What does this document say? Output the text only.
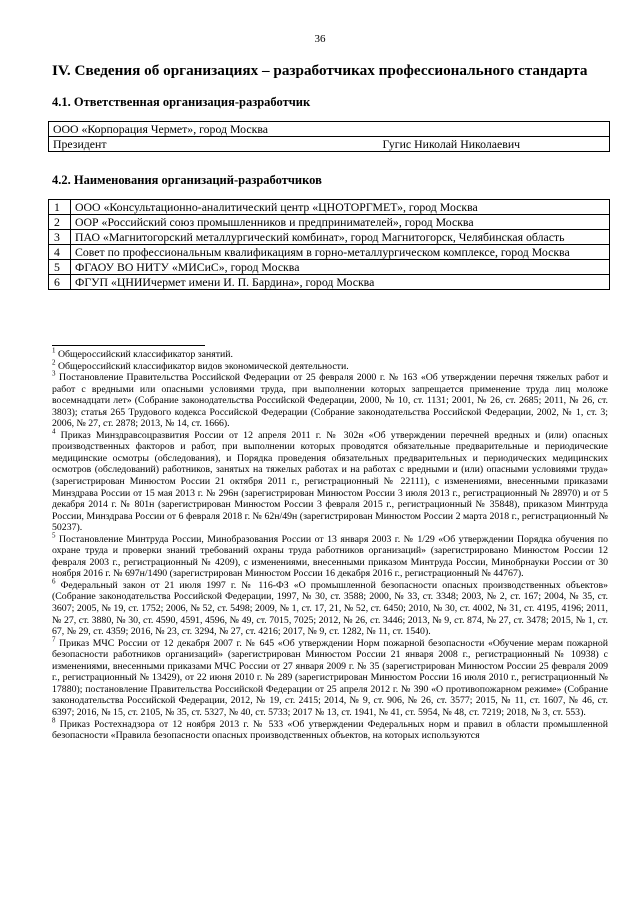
36
IV. Сведения об организациях – разработчиках профессионального стандарта
4.1. Ответственная организация-разработчик
ООО «Корпорация Чермет», город Москва
Президент	Гугис Николай Николаевич
4.2. Наименования организаций-разработчиков
1	ООО «Консультационно-аналитический центр «ЦНОТОРГМЕТ», город Москва
2	ООР «Российский союз промышленников и предпринимателей», город Москва
3	ПАО «Магнитогорский металлургический комбинат», город Магнитогорск, Челябинская область
4	Совет по профессиональным квалификациям в горно-металлургическом комплексе, город Москва
5	ФГАОУ ВО НИТУ «МИСиС», город Москва
6	ФГУП «ЦНИИчермет имени И. П. Бардина», город Москва

$^1$ Общероссийский классификатор занятий.

$^2$ Общероссийский классификатор видов экономической деятельности.

$^3$ Постановление Правительства Российской Федерации от 25 февраля 2000 г. № 163 «Об утверждении перечня тяжелых работ и работ с вредными или опасными условиями труда, при выполнении которых запрещается применение труда лиц моложе восемнадцати лет» (Собрание законодательства Российской Федерации, 2000, № 10, ст. 1131; 2001, № 26, ст. 2685; 2011, № 26, ст. 3803); статья 265 Трудового кодекса Российской Федерации (Собрание законодательства Российской Федерации, 2002, № 1, ст. 3; 2006, № 27, ст. 2878; 2013, № 14, ст. 1666).

$^4$ Приказ Минздравсоцразвития России от 12 апреля 2011 г. № 302н «Об утверждении перечней вредных и (или) опасных производственных факторов и работ, при выполнении которых проводятся обязательные предварительные и периодические медицинские осмотры (обследования), и Порядка проведения обязательных предварительных и периодических медицинских осмотров (обследований) работников, занятых на тяжелых работах и на работах с вредными и (или) опасными условиями труда» (зарегистрирован Минюстом России 21 октября 2011 г., регистрационный № 22111), с изменениями, внесенными приказами Минздрава России от 15 мая 2013 г. № 296н (зарегистрирован Минюстом России 3 июля 2013 г., регистрационный № 28970) и от 5 декабря 2014 г. № 801н (зарегистрирован Минюстом России 3 февраля 2015 г., регистрационный № 35848), приказом Минтруда России, Минздрава России от 6 февраля 2018 г. № 62н/49н (зарегистрирован Минюстом России 2 марта 2018 г., регистрационный № 50237).

$^5$ Постановление Минтруда России, Минобразования России от 13 января 2003 г. № 1/29 «Об утверждении Порядка обучения по охране труда и проверки знаний требований охраны труда работников организаций» (зарегистрировано Минюстом России 12 февраля 2003 г., регистрационный № 4209), с изменениями, внесенными приказом Минтруда России, Минобрнауки России от 30 ноября 2016 г. № 697н/1490 (зарегистрирован Минюстом России 16 декабря 2016 г., регистрационный № 44767).

$^6$ Федеральный закон от 21 июля 1997 г. № 116-ФЗ «О промышленной безопасности опасных производственных объектов» (Собрание законодательства Российской Федерации, 1997, № 30, ст. 3588; 2000, № 33, ст. 3348; 2003, № 2, ст. 167; 2004, № 35, ст. 3607; 2005, № 19, ст. 1752; 2006, № 52, ст. 5498; 2009, № 1, ст. 17, 21, № 52, ст. 6450; 2010, № 30, ст. 4002, № 31, ст. 4195, 4196; 2011, № 27, ст. 3880, № 30, ст. 4590, 4591, 4596, № 49, ст. 7015, 7025; 2012, № 26, ст. 3446; 2013, № 9, ст. 874, № 27, ст. 3478; 2015, № 1, ст. 67, № 29, ст. 4359; 2016, № 23, ст. 3294, № 27, ст. 4216; 2017, № 9, ст. 1282, № 11, ст. 1540).

$^7$ Приказ МЧС России от 12 декабря 2007 г. № 645 «Об утверждении Норм пожарной безопасности «Обучение мерам пожарной безопасности работников организаций» (зарегистрирован Минюстом России 21 января 2008 г., регистрационный № 10938) с изменениями, внесенными приказами МЧС России от 27 января 2009 г. № 35 (зарегистрирован Минюстом России 25 февраля 2009 г., регистрационный № 13429), от 22 июня 2010 г. № 289 (зарегистрирован Минюстом России 16 июля 2010 г., регистрационный № 17880); постановление Правительства Российской Федерации от 25 апреля 2012 г. № 390 «О противопожарном режиме» (Собрание законодательства Российской Федерации, 2012, № 19, ст. 2415; 2014, № 9, ст. 906, № 26, ст. 3577; 2015, № 11, ст. 1607, № 46, ст. 6397; 2016, № 15, ст. 2105, № 35, ст. 5327, № 40, ст. 5733; 2017 № 13, ст. 1941, № 41, ст. 5954, № 48, ст. 7219; 2018, № 3, ст. 553).

$^8$ Приказ Ростехнадзора от 12 ноября 2013 г. № 533 «Об утверждении Федеральных норм и правил в области промышленной безопасности «Правила безопасности опасных производственных объектов, на которых используются
